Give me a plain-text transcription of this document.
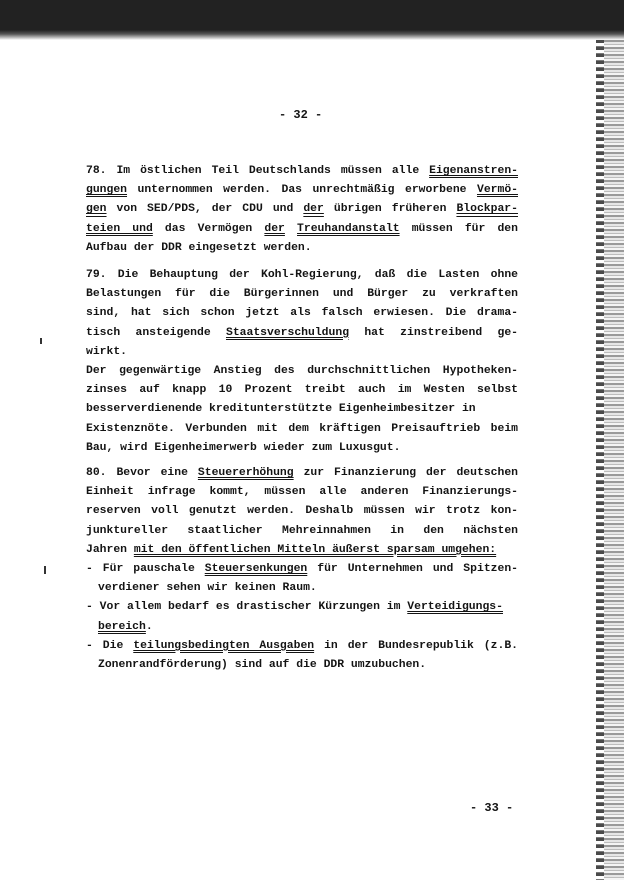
- 32 -
78. Im östlichen Teil Deutschlands müssen alle Eigenanstren-
gungen unternommen werden. Das unrechtmäßig erworbene Vermö-
gen von SED/PDS, der CDU und der übrigen früheren Blockpar-
teien und das Vermögen der Treuhandanstalt müssen für den
Aufbau der DDR eingesetzt werden.
79. Die Behauptung der Kohl-Regierung, daß die Lasten ohne
Belastungen für die Bürgerinnen und Bürger zu verkraften
sind, hat sich schon jetzt als falsch erwiesen. Die drama-
tisch ansteigende Staatsverschuldung hat zinstreibend ge-
wirkt.
Der gegenwärtige Anstieg des durchschnittlichen Hypotheken-
zinses auf knapp 10 Prozent treibt auch im Westen selbst
besserverdienende kreditunterstützte Eigenheimbesitzer in
Existenznöte. Verbunden mit dem kräftigen Preisauftrieb beim
Bau, wird Eigenheimerwerb wieder zum Luxusgut.
80. Bevor eine Steuererhöhung zur Finanzierung der deutschen
Einheit infrage kommt, müssen alle anderen Finanzierungs-
reserven voll genutzt werden. Deshalb müssen wir trotz kon-
junktureller staatlicher Mehreinnahmen in den nächsten
Jahren mit den öffentlichen Mitteln äußerst sparsam umgehen:
- Für pauschale Steuersenkungen für Unternehmen und Spitzen-
verdiener sehen wir keinen Raum.
- Vor allem bedarf es drastischer Kürzungen im Verteidigungs-
bereich.
- Die teilungsbedingten Ausgaben in der Bundesrepublik (z.B.
Zonenrandförderung) sind auf die DDR umzubuchen.
- 33 -
